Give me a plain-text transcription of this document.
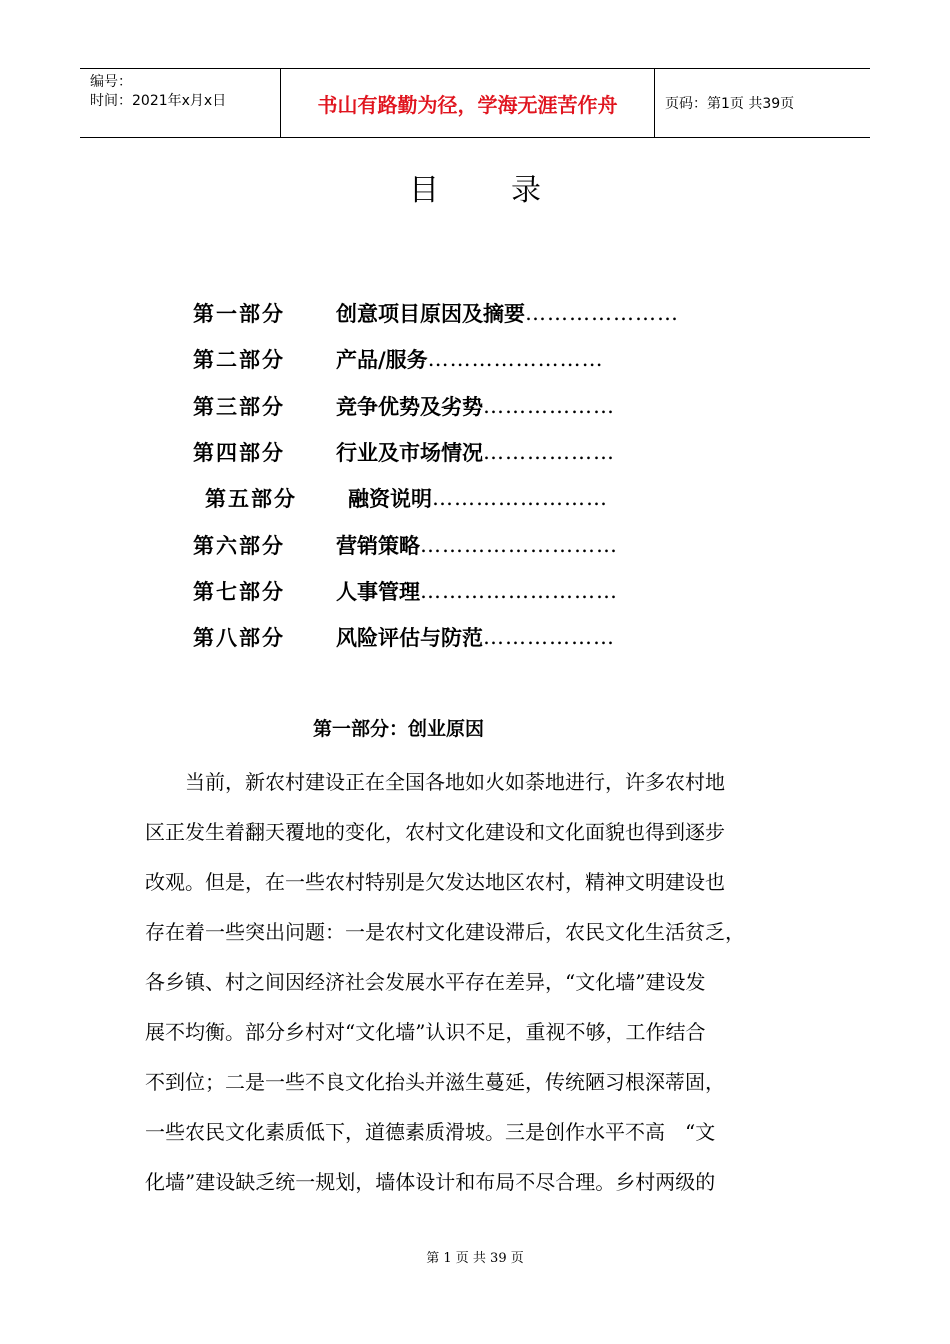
编号：
时间：2021年x月x日	书山有路勤为径，学海无涯苦作舟	页码：第1页 共39页
目录
第一部分	创意项目原因及摘要 …………………
第二部分	产品/服务 ……………………
第三部分	竞争优势及劣势 ………………
第四部分	行业及市场情况 ………………
第五部分	融资说明 ……………………
第六部分	营销策略 ………………………
第七部分	人事管理 ………………………
第八部分	风险评估与防范 ………………
第一部分：创业原因
　　当前，新农村建设正在全国各地如火如荼地进行，许多农村地
区正发生着翻天覆地的变化，农村文化建设和文化面貌也得到逐步
改观。但是，在一些农村特别是欠发达地区农村，精神文明建设也
存在着一些突出问题：一是农村文化建设滞后，农民文化生活贫乏，
各乡镇、村之间因经济社会发展水平存在差异，“文化墙”建设发
展不均衡。部分乡村对“文化墙”认识不足，重视不够，工作结合
不到位；二是一些不良文化抬头并滋生蔓延，传统陋习根深蒂固，
一些农民文化素质低下，道德素质滑坡。三是创作水平不高　“文
化墙”建设缺乏统一规划，墙体设计和布局不尽合理。乡村两级的
第 1 页 共 39 页
